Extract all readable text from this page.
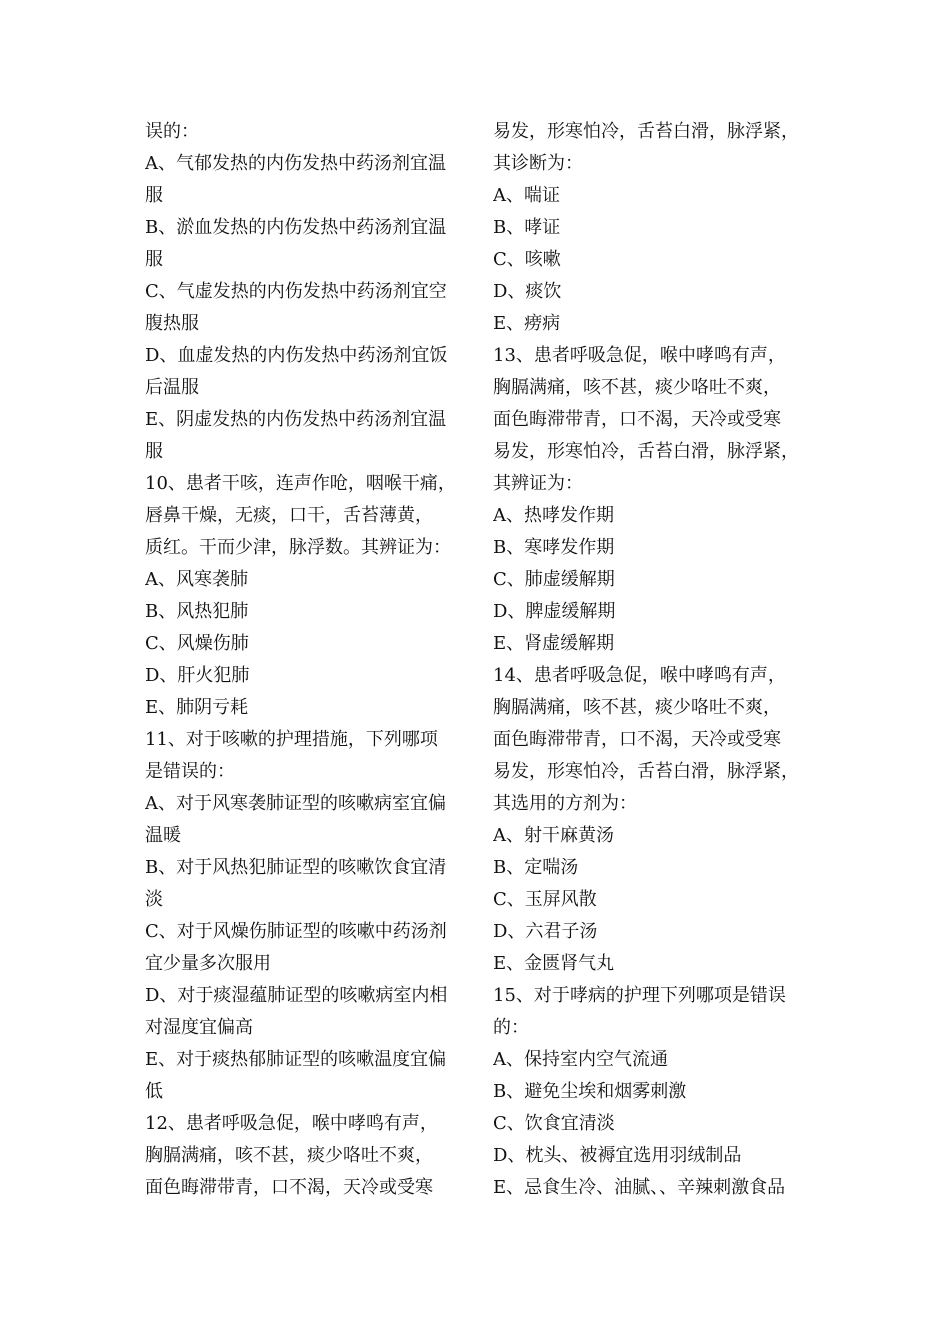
误的：
A、气郁发热的内伤发热中药汤剂宜温
服
B、淤血发热的内伤发热中药汤剂宜温
服
C、气虚发热的内伤发热中药汤剂宜空
腹热服
D、血虚发热的内伤发热中药汤剂宜饭
后温服
E、阴虚发热的内伤发热中药汤剂宜温
服
10、患者干咳，连声作呛，咽喉干痛，
唇鼻干燥，无痰，口干，舌苔薄黄，
质红。干而少津，脉浮数。其辨证为：
A、风寒袭肺
B、风热犯肺
C、风燥伤肺
D、肝火犯肺
E、肺阴亏耗
11、对于咳嗽的护理措施，下列哪项
是错误的：
A、对于风寒袭肺证型的咳嗽病室宜偏
温暖
B、对于风热犯肺证型的咳嗽饮食宜清
淡
C、对于风燥伤肺证型的咳嗽中药汤剂
宜少量多次服用
D、对于痰湿蕴肺证型的咳嗽病室内相
对湿度宜偏高
E、对于痰热郁肺证型的咳嗽温度宜偏
低
12、患者呼吸急促，喉中哮鸣有声，
胸膈满痛，咳不甚，痰少咯吐不爽，
面色晦滞带青，口不渴，天冷或受寒
易发，形寒怕冷，舌苔白滑，脉浮紧，
其诊断为：
A、喘证
B、哮证
C、咳嗽
D、痰饮
E、痨病
13、患者呼吸急促，喉中哮鸣有声，
胸膈满痛，咳不甚，痰少咯吐不爽，
面色晦滞带青，口不渴，天冷或受寒
易发，形寒怕冷，舌苔白滑，脉浮紧，
其辨证为：
A、热哮发作期
B、寒哮发作期
C、肺虚缓解期
D、脾虚缓解期
E、肾虚缓解期
14、患者呼吸急促，喉中哮鸣有声，
胸膈满痛，咳不甚，痰少咯吐不爽，
面色晦滞带青，口不渴，天冷或受寒
易发，形寒怕冷，舌苔白滑，脉浮紧，
其选用的方剂为：
A、射干麻黄汤
B、定喘汤
C、玉屏风散
D、六君子汤
E、金匮肾气丸
15、对于哮病的护理下列哪项是错误
的：
A、保持室内空气流通
B、避免尘埃和烟雾刺激
C、饮食宜清淡
D、枕头、被褥宜选用羽绒制品
E、忌食生冷、油腻、、辛辣刺激食品
